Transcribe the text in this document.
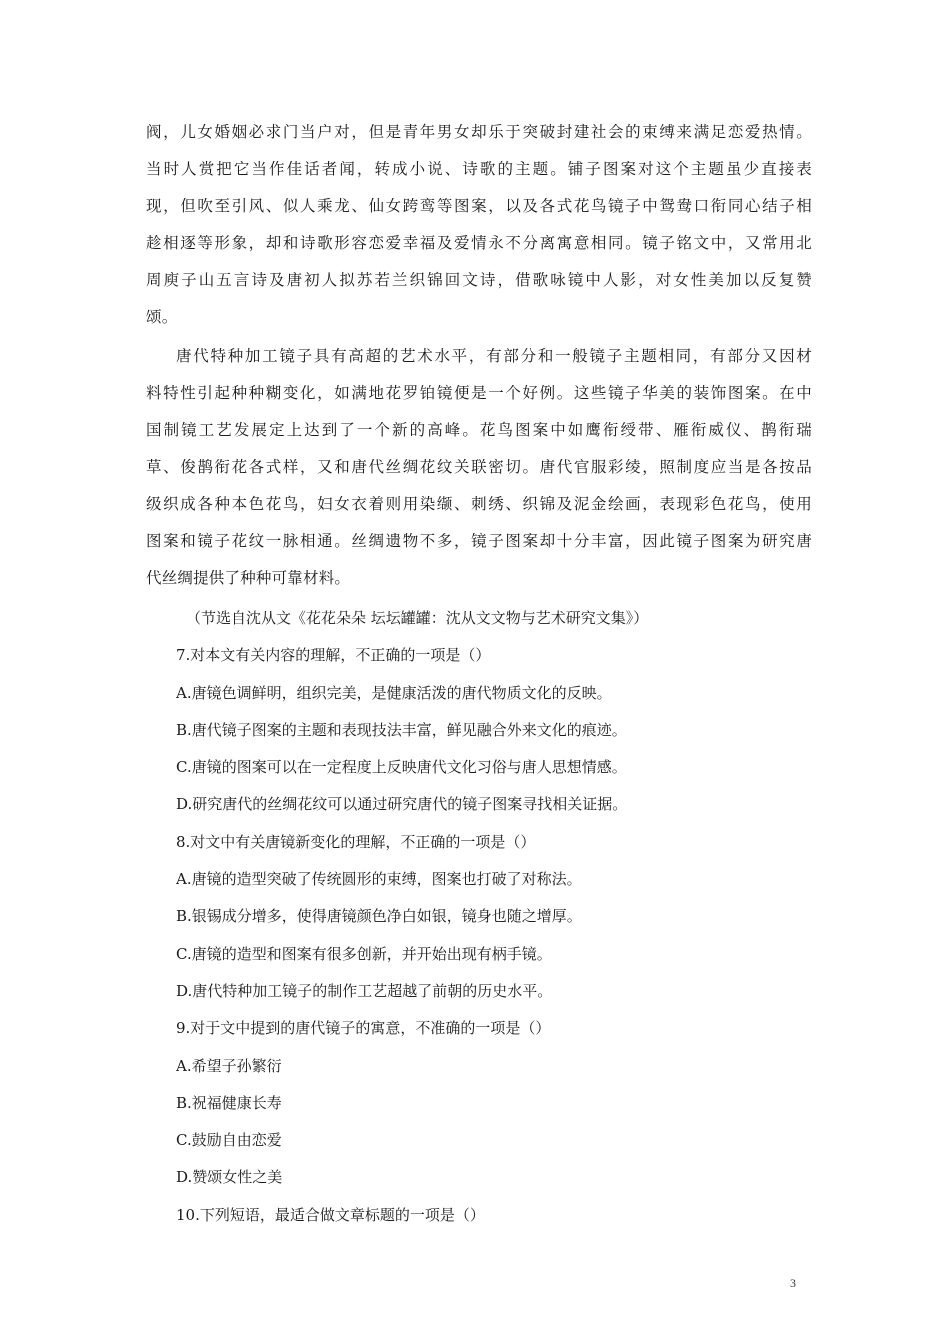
阀，儿女婚姻必求门当户对，但是青年男女却乐于突破封建社会的束缚来满足恋爱热情。
当时人赏把它当作佳话者闻，转成小说、诗歌的主题。铺子图案对这个主题虽少直接表
现，但吹至引风、似人乘龙、仙女跨鸾等图案，以及各式花鸟镜子中鸳鸯口衔同心结子相
趁相逐等形象，却和诗歌形容恋爱幸福及爱情永不分离寓意相同。镜子铭文中，又常用北
周庾子山五言诗及唐初人拟苏若兰织锦回文诗，借歌咏镜中人影，对女性美加以反复赞
颂。
唐代特种加工镜子具有高超的艺术水平，有部分和一般镜子主题相同，有部分又因材
料特性引起种种糊变化，如满地花罗铂镜便是一个好例。这些镜子华美的装饰图案。在中
国制镜工艺发展定上达到了一个新的高峰。花鸟图案中如鹰衔绶带、雁衔威仪、鹊衔瑞
草、俊鹊衔花各式样，又和唐代丝绸花纹关联密切。唐代官服彩绫，照制度应当是各按品
级织成各种本色花鸟，妇女衣着则用染缬、刺绣、织锦及泥金绘画，表现彩色花鸟，使用
图案和镜子花纹一脉相通。丝绸遗物不多，镜子图案却十分丰富，因此镜子图案为研究唐
代丝绸提供了种种可靠材料。
（节选自沈从文《花花朵朵 坛坛罐罐：沈从文文物与艺术研究文集》）
7.对本文有关内容的理解，不正确的一项是（）
A.唐镜色调鲜明，组织完美，是健康活泼的唐代物质文化的反映。
B.唐代镜子图案的主题和表现技法丰富，鲜见融合外来文化的痕迹。
C.唐镜的图案可以在一定程度上反映唐代文化习俗与唐人思想情感。
D.研究唐代的丝绸花纹可以通过研究唐代的镜子图案寻找相关证据。
8.对文中有关唐镜新变化的理解，不正确的一项是（）
A.唐镜的造型突破了传统圆形的束缚，图案也打破了对称法。
B.银锡成分增多，使得唐镜颜色净白如银，镜身也随之增厚。
C.唐镜的造型和图案有很多创新，并开始出现有柄手镜。
D.唐代特种加工镜子的制作工艺超越了前朝的历史水平。
9.对于文中提到的唐代镜子的寓意，不准确的一项是（）
A.希望子孙繁衍
B.祝福健康长寿
C.鼓励自由恋爱
D.赞颂女性之美
10.下列短语，最适合做文章标题的一项是（）
3
